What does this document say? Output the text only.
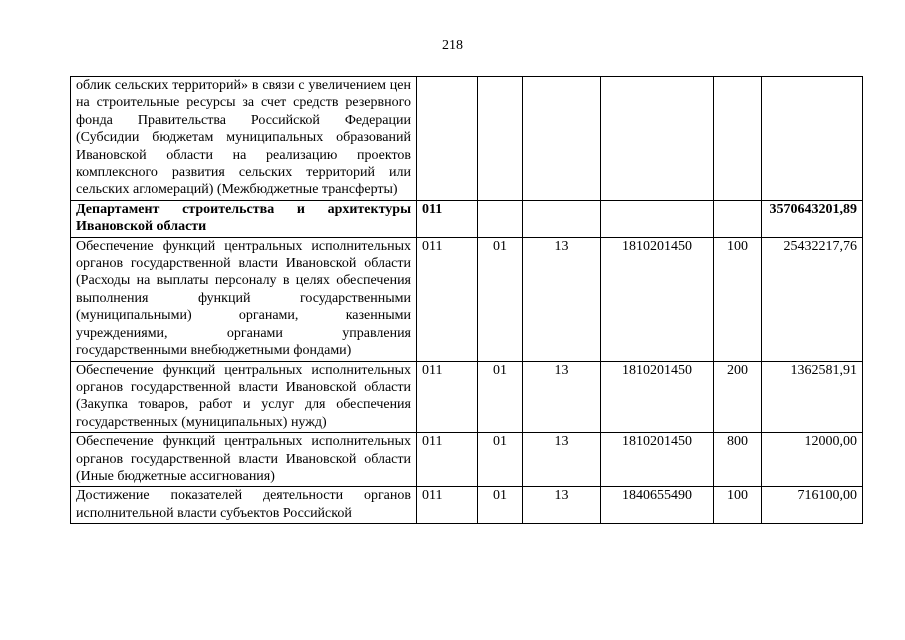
218
облик сельских территорий» в связи с увеличением цен на строительные ресурсы за счет средств резервного фонда Правительства Российской Федерации (Субсидии бюджетам муниципальных образований Ивановской области на реализацию проектов комплексного развития сельских территорий или сельских агломераций) (Межбюджетные трансферты)						
Департамент строительства и архитектуры Ивановской области	011					3570643201,89
Обеспечение функций центральных исполнительных органов государственной власти Ивановской области (Расходы на выплаты персоналу в целях обеспечения выполнения функций государственными (муниципальными) органами, казенными учреждениями, органами управления государственными внебюджетными фондами)	011	01	13	1810201450	100	25432217,76
Обеспечение функций центральных исполнительных органов государственной власти Ивановской области (Закупка товаров, работ и услуг для обеспечения государственных (муниципальных) нужд)	011	01	13	1810201450	200	1362581,91
Обеспечение функций центральных исполнительных органов государственной власти Ивановской области (Иные бюджетные ассигнования)	011	01	13	1810201450	800	12000,00
Достижение показателей деятельности органов исполнительной власти субъектов Российской	011	01	13	1840655490	100	716100,00
